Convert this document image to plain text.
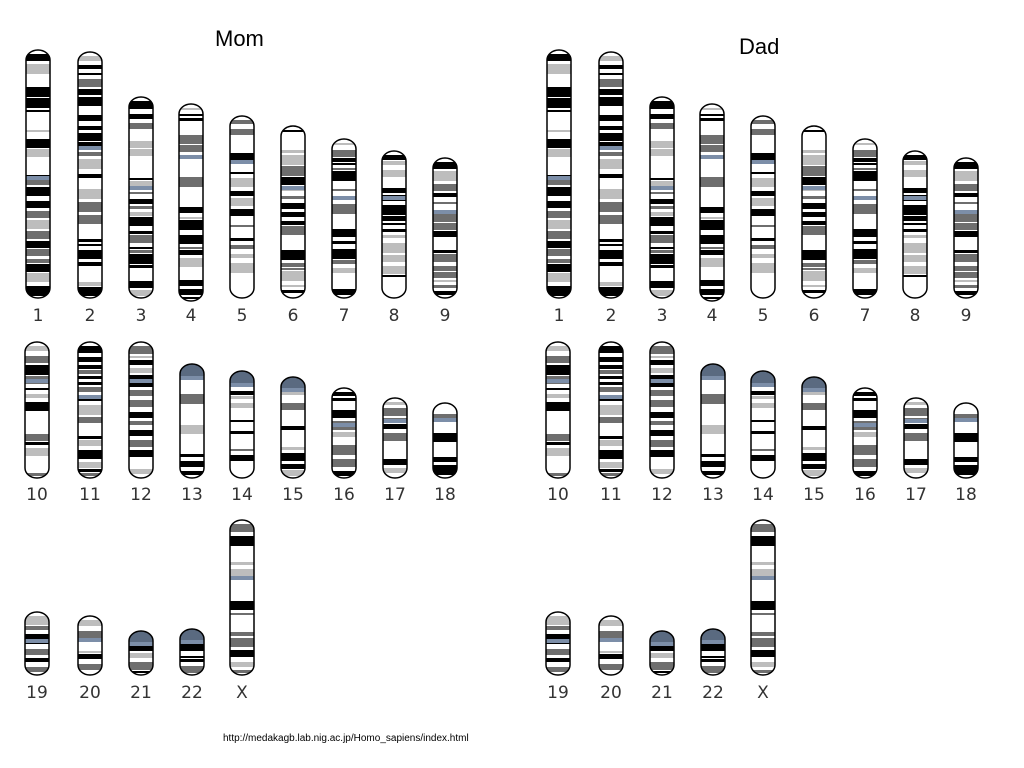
Mom	Dad
1 2 3 4 5 6 7 8 9
10 11 12 13 14 15 16 17 18
19 20 21 22 X
1 2 3 4 5 6 7 8 9
10 11 12 13 14 15 16 17 18
19 20 21 22 X
http://medakagb.lab.nig.ac.jp/Homo_sapiens/index.html
